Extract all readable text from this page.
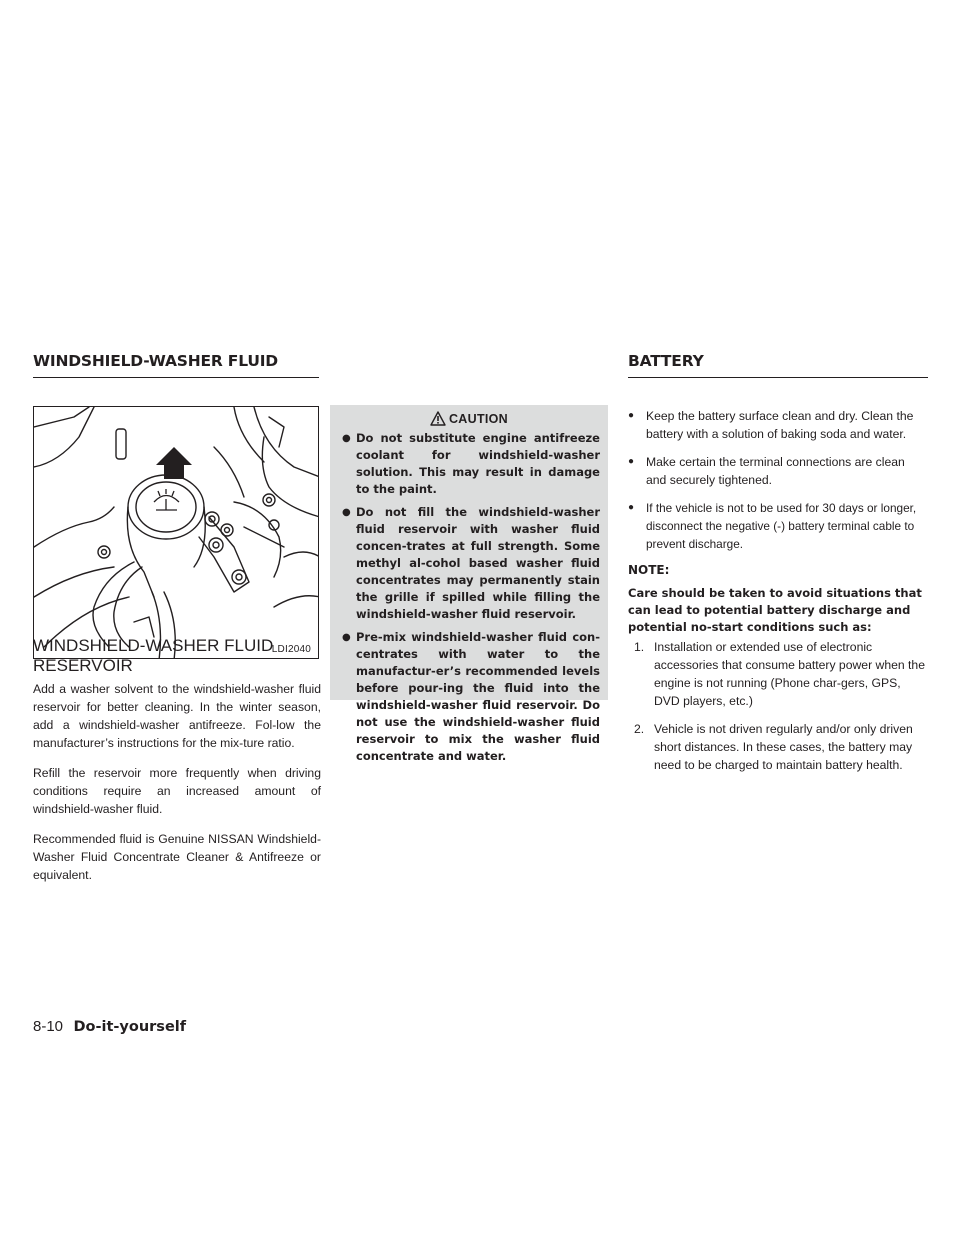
WINDSHIELD-WASHER FLUID	BATTERY
LDI2040
WINDSHIELD-WASHER FLUID RESERVOIR

Add a washer solvent to the windshield-washer fluid reservoir for better cleaning. In the winter season, add a windshield-washer antifreeze. Fol-low the manufacturer’s instructions for the mix-ture ratio.

Refill the reservoir more frequently when driving conditions require an increased amount of windshield-washer fluid.

Recommended fluid is Genuine NISSAN Windshield-Washer Fluid Concentrate Cleaner & Antifreeze or equivalent.

CAUTION
● Do not substitute engine antifreeze coolant for windshield-washer solution. This may result in damage to the paint.
● Do not fill the windshield-washer fluid reservoir with washer fluid concen-trates at full strength. Some methyl al-cohol based washer fluid concentrates may permanently stain the grille if spilled while filling the windshield-washer fluid reservoir.
● Pre-mix windshield-washer fluid con-centrates with water to the manufactur-er’s recommended levels before pour-ing the fluid into the windshield-washer fluid reservoir. Do not use the windshield-washer fluid reservoir to mix the washer fluid concentrate and water.
● Keep the battery surface clean and dry. Clean the battery with a solution of baking soda and water.
● Make certain the terminal connections are clean and securely tightened.
●	If the vehicle is not to be used for 30 days or longer, disconnect the negative (-) battery terminal cable to prevent discharge.
NOTE:

Care should be taken to avoid situations that can lead to potential battery discharge and potential no-start conditions such as:

1. Installation or extended use of electronic accessories that consume battery power when the engine is not running (Phone char-gers, GPS, DVD players, etc.)
2. Vehicle is not driven regularly and/or only driven short distances. In these cases, the battery may need to be charged to maintain battery health.
8-10 Do-it-yourself
